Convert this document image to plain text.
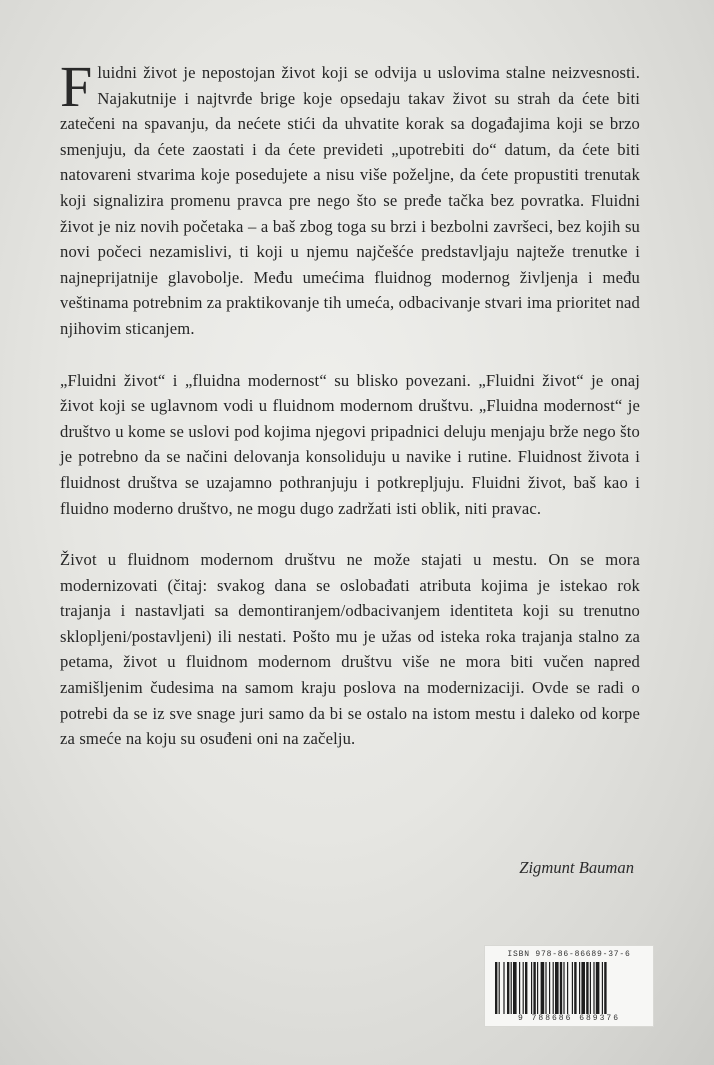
Fluidni život je nepostojan život koji se odvija u uslovima stalne neizvesnosti. Najakutnije i najtvrđe brige koje opsedaju takav život su strah da ćete biti zatečeni na spavanju, da nećete stići da uhvatite korak sa događajima koji se brzo smenjuju, da ćete zaostati i da ćete prevideti „upotrebiti do“ datum, da ćete biti natovareni stvarima koje posedujete a nisu više poželjne, da ćete propustiti trenutak koji signalizira promenu pravca pre nego što se pređe tačka bez povratka. Fluidni život je niz novih početaka – a baš zbog toga su brzi i bezbolni završeci, bez kojih su novi počeci nezamislivi, ti koji u njemu najčešće predstavljaju najteže trenutke i najneprijatnije glavobolje. Među umećima fluidnog modernog življenja i među veštinama potrebnim za praktikovanje tih umeća, odbacivanje stvari ima prioritet nad njihovim sticanjem.

„Fluidni život“ i „fluidna modernost“ su blisko povezani. „Fluidni život“ je onaj život koji se uglavnom vodi u fluidnom modernom društvu. „Fluidna modernost“ je društvo u kome se uslovi pod kojima njegovi pripadnici deluju menjaju brže nego što je potrebno da se načini delovanja konsoliduju u navike i rutine. Fluidnost života i fluidnost društva se uzajamno pothranjuju i potkrepljuju. Fluidni život, baš kao i fluidno moderno društvo, ne mogu dugo zadržati isti oblik, niti pravac.

Život u fluidnom modernom društvu ne može stajati u mestu. On se mora modernizovati (čitaj: svakog dana se oslobađati atributa kojima je istekao rok trajanja i nastavljati sa demontiranjem/odbacivanjem identiteta koji su trenutno sklopljeni/postavljeni) ili nestati. Pošto mu je užas od isteka roka trajanja stalno za petama, život u fluidnom modernom društvu više ne mora biti vučen napred zamišljenim čudesima na samom kraju poslova na modernizaciji. Ovde se radi o potrebi da se iz sve snage juri samo da bi se ostalo na istom mestu i daleko od korpe za smeće na koju su osuđeni oni na začelju.

Zigmunt Bauman
ISBN 978-86-86689-37-6
9 788686 689376
